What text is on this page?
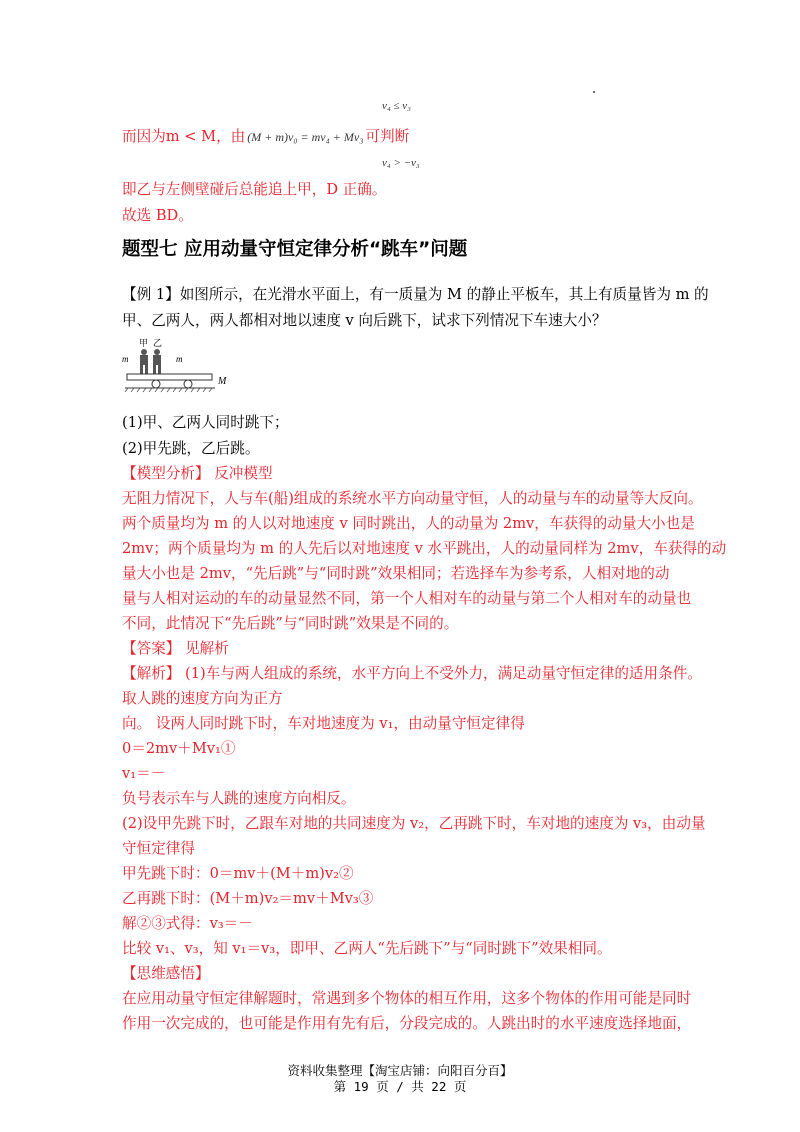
v₄ ≤ v₃
而因为m < M，由 (M + m)v₀ = mv₄ + Mv₃ 可判断
v₄ > −v₃
即乙与左侧壁碰后总能追上甲，D 正确。
故选 BD。
题型七 应用动量守恒定律分析“跳车”问题
【例 1】如图所示，在光滑水平面上，有一质量为 M 的静止平板车，其上有质量皆为 m 的
甲、乙两人，两人都相对地以速度 v 向后跳下，试求下列情况下车速大小？
甲 乙
m	m
M
(1)甲、乙两人同时跳下；
(2)甲先跳，乙后跳。
【模型分析】 反冲模型
无阻力情况下，人与车(船)组成的系统水平方向动量守恒，人的动量与车的动量等大反向。
两个质量均为 m 的人以对地速度 v 同时跳出，人的动量为 2mv，车获得的动量大小也是
2mv；两个质量均为 m 的人先后以对地速度 v 水平跳出，人的动量同样为 2mv，车获得的动
量大小也是 2mv，“先后跳”与“同时跳”效果相同；若选择车为参考系，人相对地的动
量与人相对运动的车的动量显然不同，第一个人相对车的动量与第二个人相对车的动量也
不同，此情况下“先后跳”与“同时跳”效果是不同的。
【答案】 见解析
【解析】 (1)车与两人组成的系统，水平方向上不受外力，满足动量守恒定律的适用条件。
取人跳的速度方向为正方
向。 设两人同时跳下时，车对地速度为 v₁，由动量守恒定律得
0＝2mv＋Mv₁①
v₁＝－
负号表示车与人跳的速度方向相反。
(2)设甲先跳下时，乙跟车对地的共同速度为 v₂，乙再跳下时，车对地的速度为 v₃，由动量
守恒定律得
甲先跳下时：0＝mv＋(M＋m)v₂②
乙再跳下时：(M＋m)v₂＝mv＋Mv₃③
解②③式得：v₃＝－
比较 v₁、v₃，知 v₁＝v₃，即甲、乙两人“先后跳下”与“同时跳下”效果相同。
【思维感悟】
在应用动量守恒定律解题时，常遇到多个物体的相互作用，这多个物体的作用可能是同时
作用一次完成的，也可能是作用有先有后，分段完成的。人跳出时的水平速度选择地面，
资料收集整理【淘宝店铺：向阳百分百】
第 19 页 / 共 22 页
